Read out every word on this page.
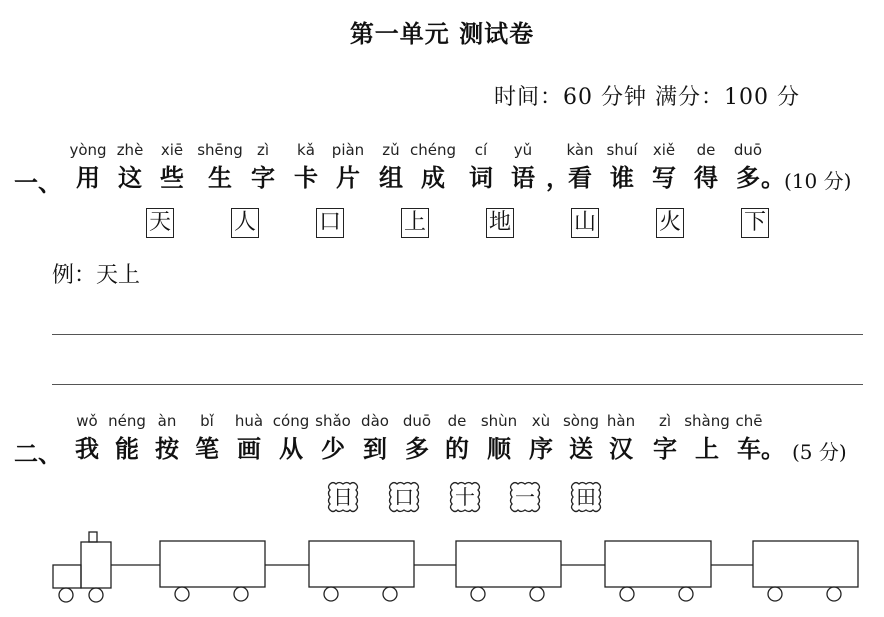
第一单元 测试卷
时间：60 分钟 满分：100 分
一、 用
yòng
这
zhè
些
xiē
生
shēng
字
zì
卡
kǎ
片
piàn
组
zǔ
成
chéng
词
cí
语
yǔ
，
看
kàn
谁
shuí
写
xiě
得
de
多
duō
。 (10 分)
天	人	口	上	地	山	火	下
例：天上
二、 我
wǒ
能
néng
按
àn
笔
bǐ
画
huà
从
cóng
少
shǎo
到
dào
多
duō
的
de
顺
shùn
序
xù
送
sòng
汉
hàn
字
zì
上
shàng
车
chē
。 (5 分)
日	口	十	一	田
